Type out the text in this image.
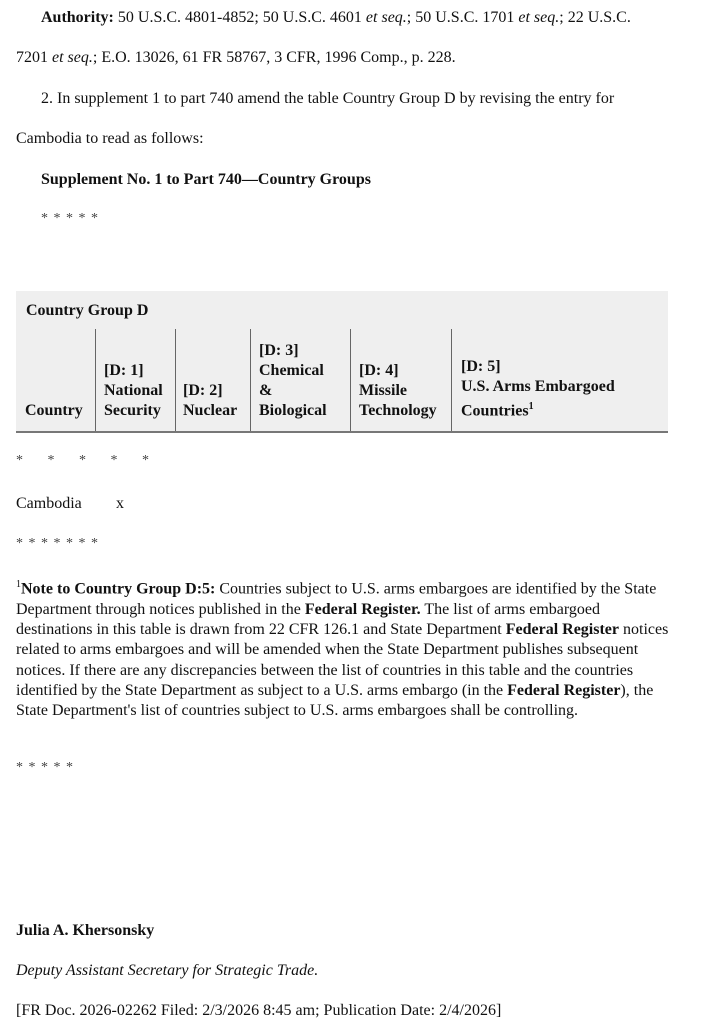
Authority: 50 U.S.C. 4801-4852; 50 U.S.C. 4601 et seq.; 50 U.S.C. 1701 et seq.; 22 U.S.C.
7201 et seq.; E.O. 13026, 61 FR 58767, 3 CFR, 1996 Comp., p. 228.
2. In supplement 1 to part 740 amend the table Country Group D by revising the entry for
Cambodia to read as follows:
Supplement No. 1 to Part 740—Country Groups
* * * * *
Country Group D
Country
[D: 1]
National
Security
[D: 2]
Nuclear
[D: 3]
Chemical
&
Biological
[D: 4]
Missile
Technology
[D: 5]
U.S. Arms Embargoed
Countries$^1$
* * * * *
Cambodia x
* * * * * * *
$^1$Note to Country Group D:5: Countries subject to U.S. arms embargoes are identified by the State Department through notices published in the Federal Register. The list of arms embargoed destinations in this table is drawn from 22 CFR 126.1 and State Department Federal Register notices related to arms embargoes and will be amended when the State Department publishes subsequent notices. If there are any discrepancies between the list of countries in this table and the countries identified by the State Department as subject to a U.S. arms embargo (in the Federal Register), the State Department's list of countries subject to U.S. arms embargoes shall be controlling.
* * * * *
Julia A. Khersonsky
Deputy Assistant Secretary for Strategic Trade.
[FR Doc. 2026-02262 Filed: 2/3/2026 8:45 am; Publication Date: 2/4/2026]
